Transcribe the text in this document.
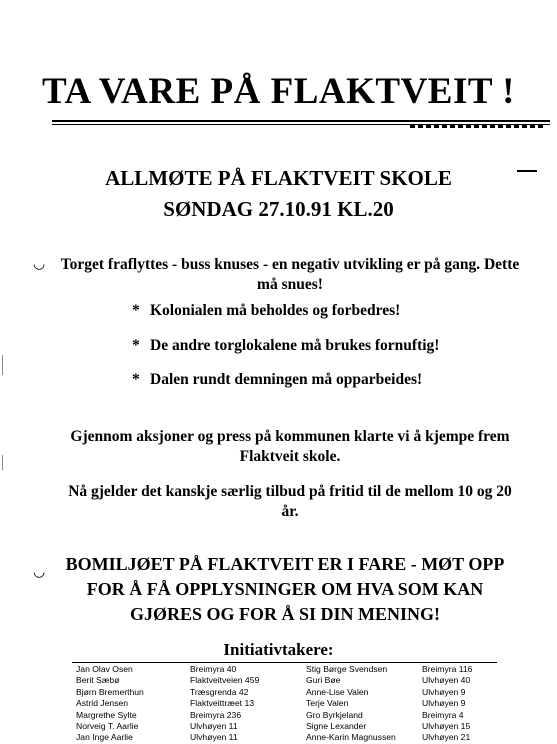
TA VARE PÅ FLAKTVEIT !
◡
◡
ALLMØTE PÅ FLAKTVEIT SKOLE
SØNDAG 27.10.91 KL.20
Torget fraflyttes - buss knuses - en negativ utvikling er på gang. Dette må snues!
* Kolonialen må beholdes og forbedres!
* De andre torglokalene må brukes fornuftig!
* Dalen rundt demningen må opparbeides!
Gjennom aksjoner og press på kommunen klarte vi å kjempe frem Flaktveit skole.
Nå gjelder det kanskje særlig tilbud på fritid til de mellom 10 og 20 år.
BOMILJØET PÅ FLAKTVEIT ER I FARE - MØT OPP
FOR Å FÅ OPPLYSNINGER OM HVA SOM KAN
GJØRES OG FOR Å SI DIN MENING!
Initiativtakere:
Jan Olav Osen
Berit Sæbø
Bjørn Bremerthun
Astrid Jensen
Margrethe Sylte
Norveig T. Aarlie
Jan Inge Aarlie
Breimyra 40
Flaktveitveien 459
Træsgrenda 42
Flaktveittræet 13
Breimyra 236
Ulvhøyen 11
Ulvhøyen 11
Stig Børge Svendsen
Guri Bøe
Anne-Lise Valen
Terje Valen
Gro Byrkjeland
Signe Lexander
Anne-Karin Magnussen
Breimyra 116
Ulvhøyen 40
Ulvhøyen 9
Ulvhøyen 9
Breimyra 4
Ulvhøyen 15
Ulvhøyen 21
